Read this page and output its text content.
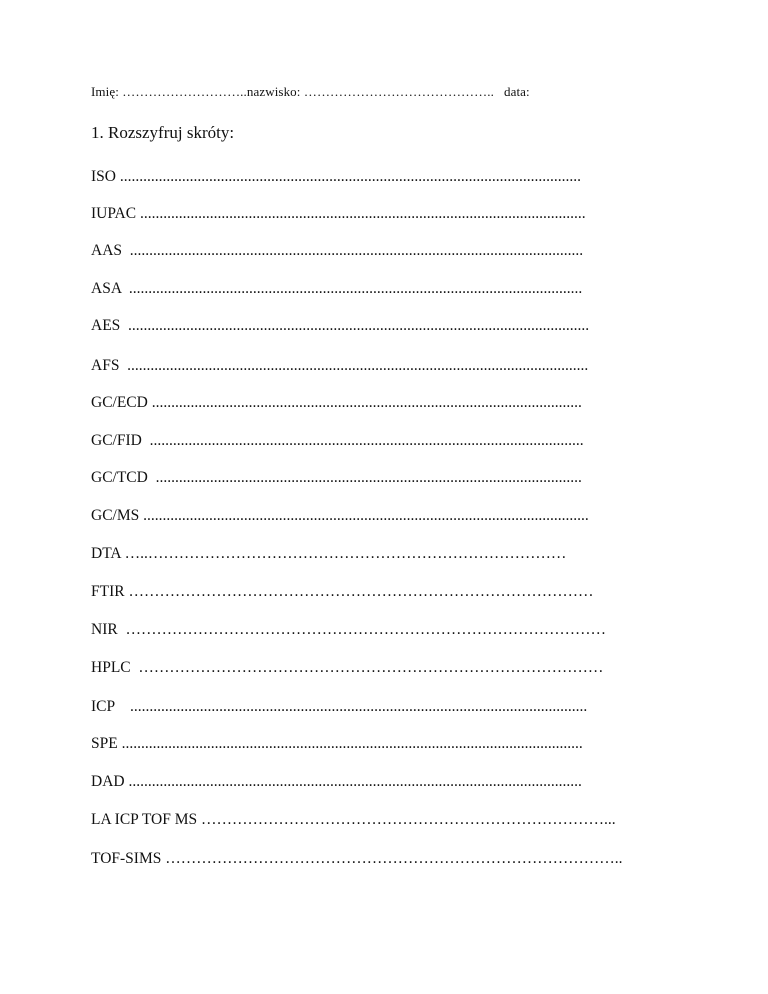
Imię: ………………………..nazwisko: ……………………………………..   data:
1. Rozszyfruj skróty:
ISO .......................................................................................................................
IUPAC ...................................................................................................................
AAS  .....................................................................................................................
ASA  .....................................................................................................................
AES  .......................................................................................................................
AFS  .......................................................................................................................
GC/ECD ...............................................................................................................
GC/FID  ................................................................................................................
GC/TCD  ..............................................................................................................
GC/MS ...................................................................................................................
DTA …..………………………………………………………………………
FTIR ………………………………………………………………………………
NIR  …………………………………………………………………………………
HPLC  ………………………………………………………………………………
ICP    ......................................................................................................................
SPE .......................................................................................................................
DAD .....................................................................................................................
LA ICP TOF MS ……………………………………………………………………...
TOF-SIMS ……………………………………………………………………………..
